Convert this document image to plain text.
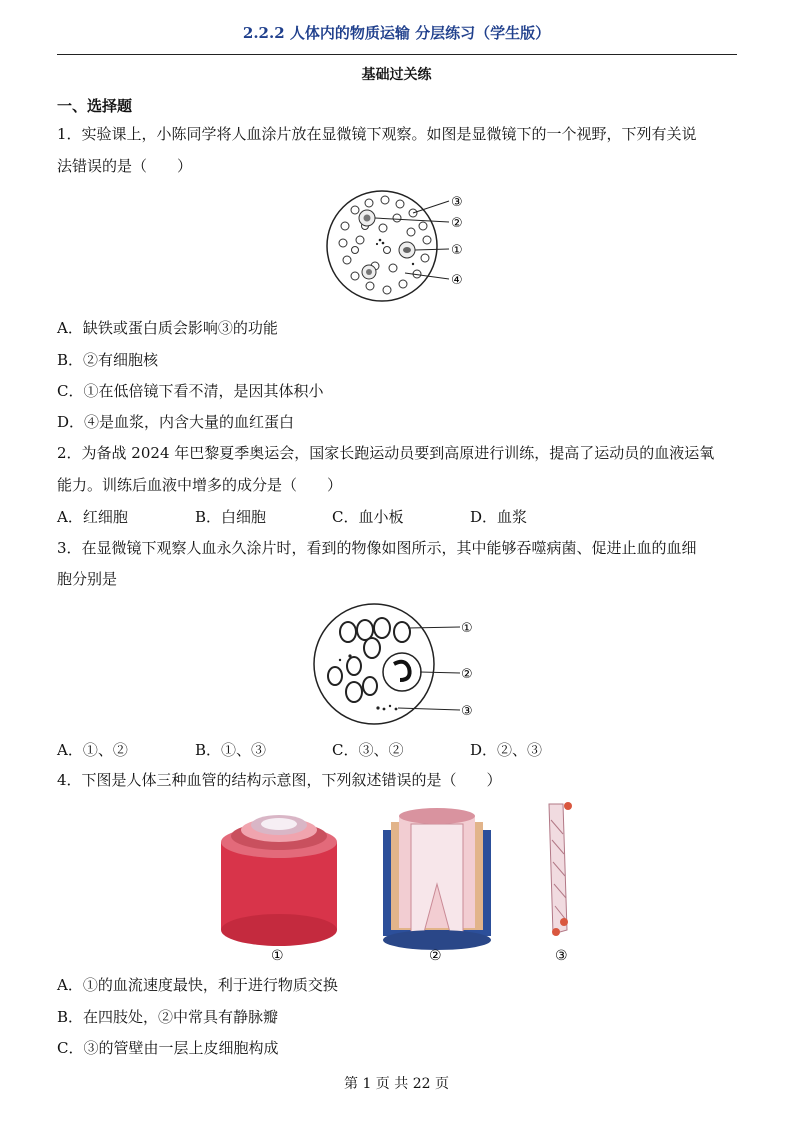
2.2.2 人体内的物质运输 分层练习（学生版）
基础过关练
一、选择题
1．实验课上，小陈同学将人血涂片放在显微镜下观察。如图是显微镜下的一个视野，下列有关说
法错误的是（　　）
③
②
①
④
A．缺铁或蛋白质会影响③的功能
B．②有细胞核
C．①在低倍镜下看不清，是因其体积小
D．④是血浆，内含大量的血红蛋白
2．为备战 2024 年巴黎夏季奥运会，国家长跑运动员要到高原进行训练，提高了运动员的血液运氧
能力。训练后血液中增多的成分是（　　）
A．红细胞	B．白细胞	C．血小板	D．血浆
3．在显微镜下观察人血永久涂片时，看到的物像如图所示，其中能够吞噬病菌、促进止血的血细
胞分别是
①
②
③
A．①、②	B．①、③	C．③、②	D．②、③
4．下图是人体三种血管的结构示意图，下列叙述错误的是（　　）
①	②	③
A．①的血流速度最快，利于进行物质交换
B．在四肢处，②中常具有静脉瓣
C．③的管壁由一层上皮细胞构成
第 1 页 共 22 页
